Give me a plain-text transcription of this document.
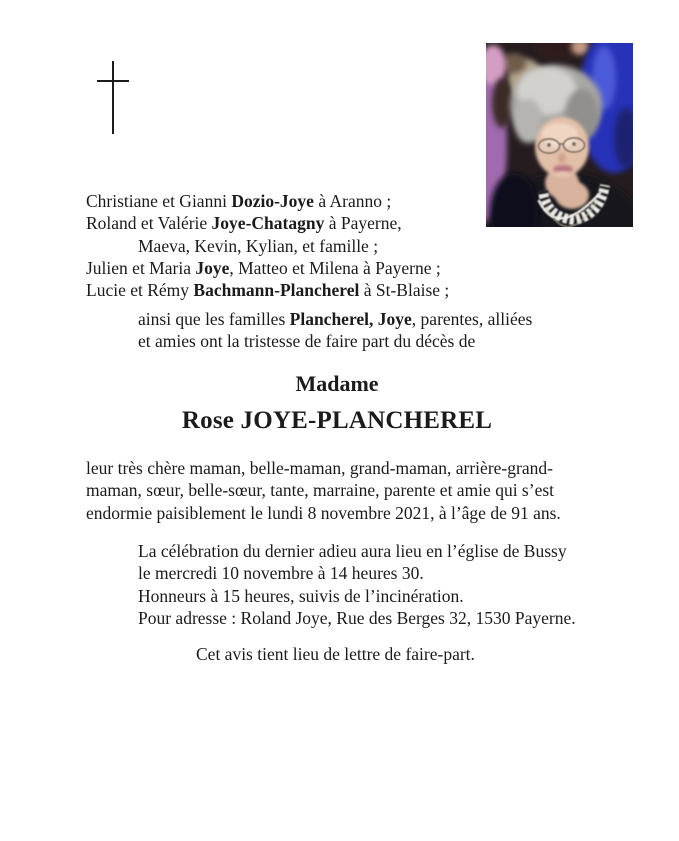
Christiane et Gianni Dozio-Joye à Aranno ;

Roland et Valérie Joye-Chatagny à Payerne,

Maeva, Kevin, Kylian, et famille ;

Julien et Maria Joye, Matteo et Milena à Payerne ;

Lucie et Rémy Bachmann-Plancherel à St-Blaise ;

ainsi que les familles Plancherel, Joye, parentes, alliées

et amies ont la tristesse de faire part du décès de

Madame
Rose JOYE-PLANCHEREL

leur très chère maman, belle-maman, grand-maman, arrière-grand-

maman, sœur, belle-sœur, tante, marraine, parente et amie qui s’est

endormie paisiblement le lundi 8 novembre 2021, à l’âge de 91 ans.

La célébration du dernier adieu aura lieu en l’église de Bussy

le mercredi 10 novembre à 14 heures 30.

Honneurs à 15 heures, suivis de l’incinération.

Pour adresse : Roland Joye, Rue des Berges 32, 1530 Payerne.

Cet avis tient lieu de lettre de faire-part.
